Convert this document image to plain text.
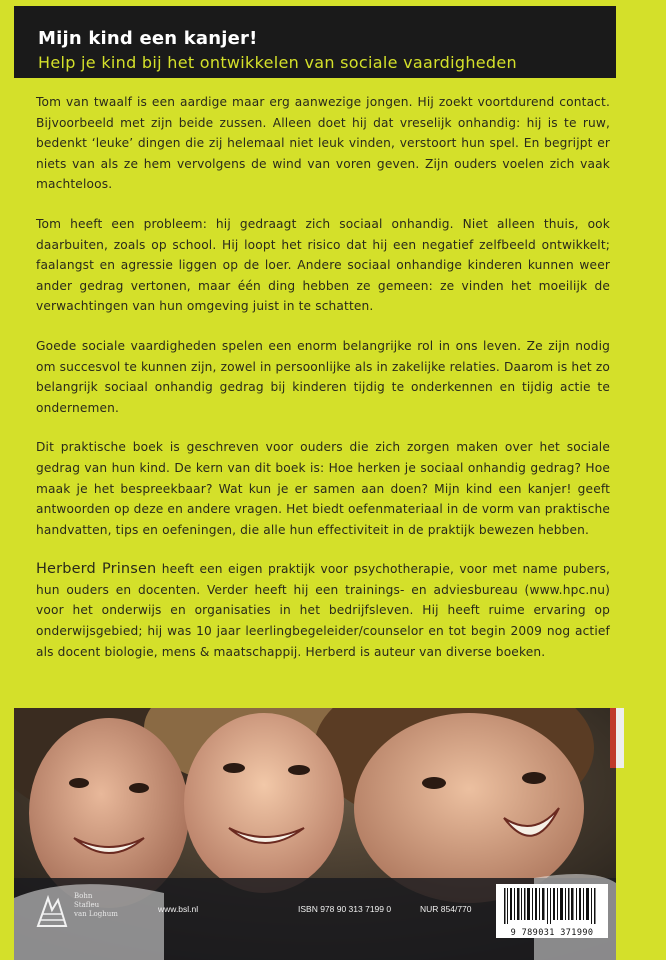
Mijn kind een kanjer!
Help je kind bij het ontwikkelen van sociale vaardigheden

Tom van twaalf is een aardige maar erg aanwezige jongen. Hij zoekt voortdurend contact. Bijvoorbeeld met zijn beide zussen. Alleen doet hij dat vreselijk onhandig: hij is te ruw, bedenkt ‘leuke’ dingen die zij helemaal niet leuk vinden, verstoort hun spel. En begrijpt er niets van als ze hem vervolgens de wind van voren geven. Zijn ouders voelen zich vaak machteloos.

Tom heeft een probleem: hij gedraagt zich sociaal onhandig. Niet alleen thuis, ook daarbuiten, zoals op school. Hij loopt het risico dat hij een negatief zelfbeeld ontwikkelt; faalangst en agressie liggen op de loer. Andere sociaal onhandige kinderen kunnen weer ander gedrag vertonen, maar één ding hebben ze gemeen: ze vinden het moeilijk de verwachtingen van hun omgeving juist in te schatten.

Goede sociale vaardigheden spelen een enorm belangrijke rol in ons leven. Ze zijn nodig om succesvol te kunnen zijn, zowel in persoonlijke als in zakelijke relaties. Daarom is het zo belangrijk sociaal onhandig gedrag bij kinderen tijdig te onderkennen en tijdig actie te ondernemen.

Dit praktische boek is geschreven voor ouders die zich zorgen maken over het sociale gedrag van hun kind. De kern van dit boek is: Hoe herken je sociaal onhandig gedrag? Hoe maak je het bespreekbaar? Wat kun je er samen aan doen? Mijn kind een kanjer! geeft antwoorden op deze en andere vragen. Het biedt oefenmateriaal in de vorm van praktische handvatten, tips en oefeningen, die alle hun effectiviteit in de praktijk bewezen hebben.

Herberd Prinsen heeft een eigen praktijk voor psychotherapie, voor met name pubers, hun ouders en docenten. Verder heeft hij een trainings- en adviesbureau (www.hpc.nu) voor het onderwijs en organisaties in het bedrijfsleven. Hij heeft ruime ervaring op onderwijsgebied; hij was 10 jaar leerlingbegeleider/counselor en tot begin 2009 nog actief als docent biologie, mens & maatschappij. Herberd is auteur van diverse boeken.

Bohn
Stafleu
van Loghum	www.bsl.nl	ISBN 978 90 313 7199 0	NUR 854/770
9 789031 371990
